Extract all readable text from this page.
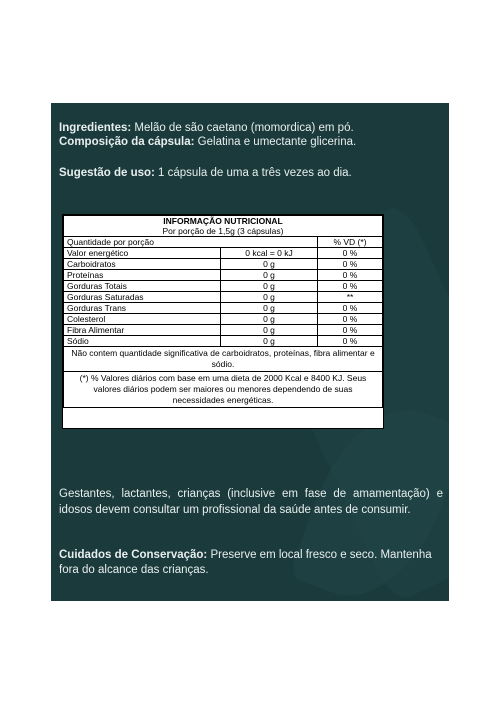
Ingredientes: Melão de são caetano (momordica) em pó.
Composição da cápsula: Gelatina e umectante glicerina.
Sugestão de uso: 1 cápsula de uma a três vezes ao dia.
INFORMAÇÃO NUTRICIONAL		
Por porção de 1,5g (3 cápsulas)		
Quantidade por porção		% VD (*)
Valor energético	0 kcal = 0 kJ	0 %
Carboidratos	0 g	0 %
Proteínas	0 g	0 %
Gorduras Totais	0 g	0 %
Gorduras Saturadas	0 g	**
Gorduras Trans	0 g	0 %
Colesterol	0 g	0 %
Fibra Alimentar	0 g	0 %
Sódio	0 g	0 %
Não contem quantidade significativa de carboidratos, proteínas, fibra alimentar e sódio.		
(*) % Valores diários com base em uma dieta de 2000 Kcal e 8400 KJ. Seus valores diários podem ser maiores ou menores dependendo de suas necessidades energéticas.		
Gestantes, lactantes, crianças (inclusive em fase de amamentação) e idosos devem consultar um profissional da saúde antes de consumir.
Cuidados de Conservação: Preserve em local fresco e seco. Mantenha fora do alcance das crianças.
